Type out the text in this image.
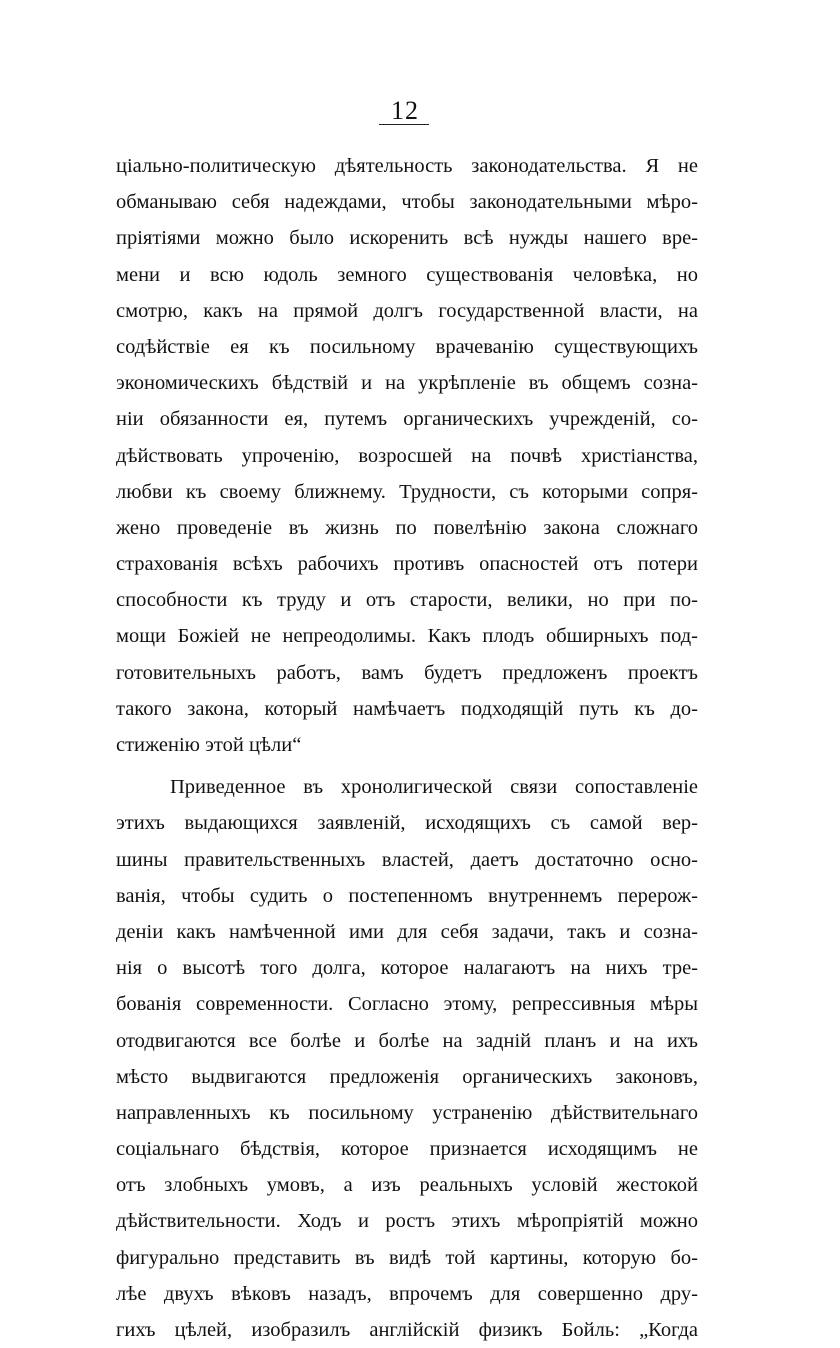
12
ціально-политическую дѣятельность законодательства. Я не
обманываю себя надеждами, чтобы законодательными мѣро-
пріятіями можно было искоренить всѣ нужды нашего вре-
мени и всю юдоль земного существованія человѣка, но
смотрю, какъ на прямой долгъ государственной власти, на
содѣйствіе ея къ посильному врачеванію существующихъ
экономическихъ бѣдствій и на укрѣпленіе въ общемъ созна-
ніи обязанности ея, путемъ органическихъ учрежденій, со-
дѣйствовать упроченію, возросшей на почвѣ христіанства,
любви къ своему ближнему. Трудности, съ которыми сопря-
жено проведеніе въ жизнь по повелѣнію закона сложнаго
страхованія всѣхъ рабочихъ противъ опасностей отъ потери
способности къ труду и отъ старости, велики, но при по-
мощи Божіей не непреодолимы. Какъ плодъ обширныхъ под-
готовительныхъ работъ, вамъ будетъ предложенъ проектъ
такого закона, который намѣчаетъ подходящій путь къ до-
стиженію этой цѣли“
Приведенное въ хронолигической связи сопоставленіе
этихъ выдающихся заявленій, исходящихъ съ самой вер-
шины правительственныхъ властей, даетъ достаточно осно-
ванія, чтобы судить о постепенномъ внутреннемъ перерож-
деніи какъ намѣченной ими для себя задачи, такъ и созна-
нія о высотѣ того долга, которое налагаютъ на нихъ тре-
бованія современности. Согласно этому, репрессивныя мѣры
отодвигаются все болѣе и болѣе на задній планъ и на ихъ
мѣсто выдвигаются предложенія органическихъ законовъ,
направленныхъ къ посильному устраненію дѣйствительнаго
соціальнаго бѣдствія, которое признается исходящимъ не
отъ злобныхъ умовъ, а изъ реальныхъ условій жестокой
дѣйствительности. Ходъ и ростъ этихъ мѣропріятій можно
фигурально представить въ видѣ той картины, которую бо-
лѣе двухъ вѣковъ назадъ, впрочемъ для совершенно дру-
гихъ цѣлей, изобразилъ англійскій физикъ Бойль: „Когда
